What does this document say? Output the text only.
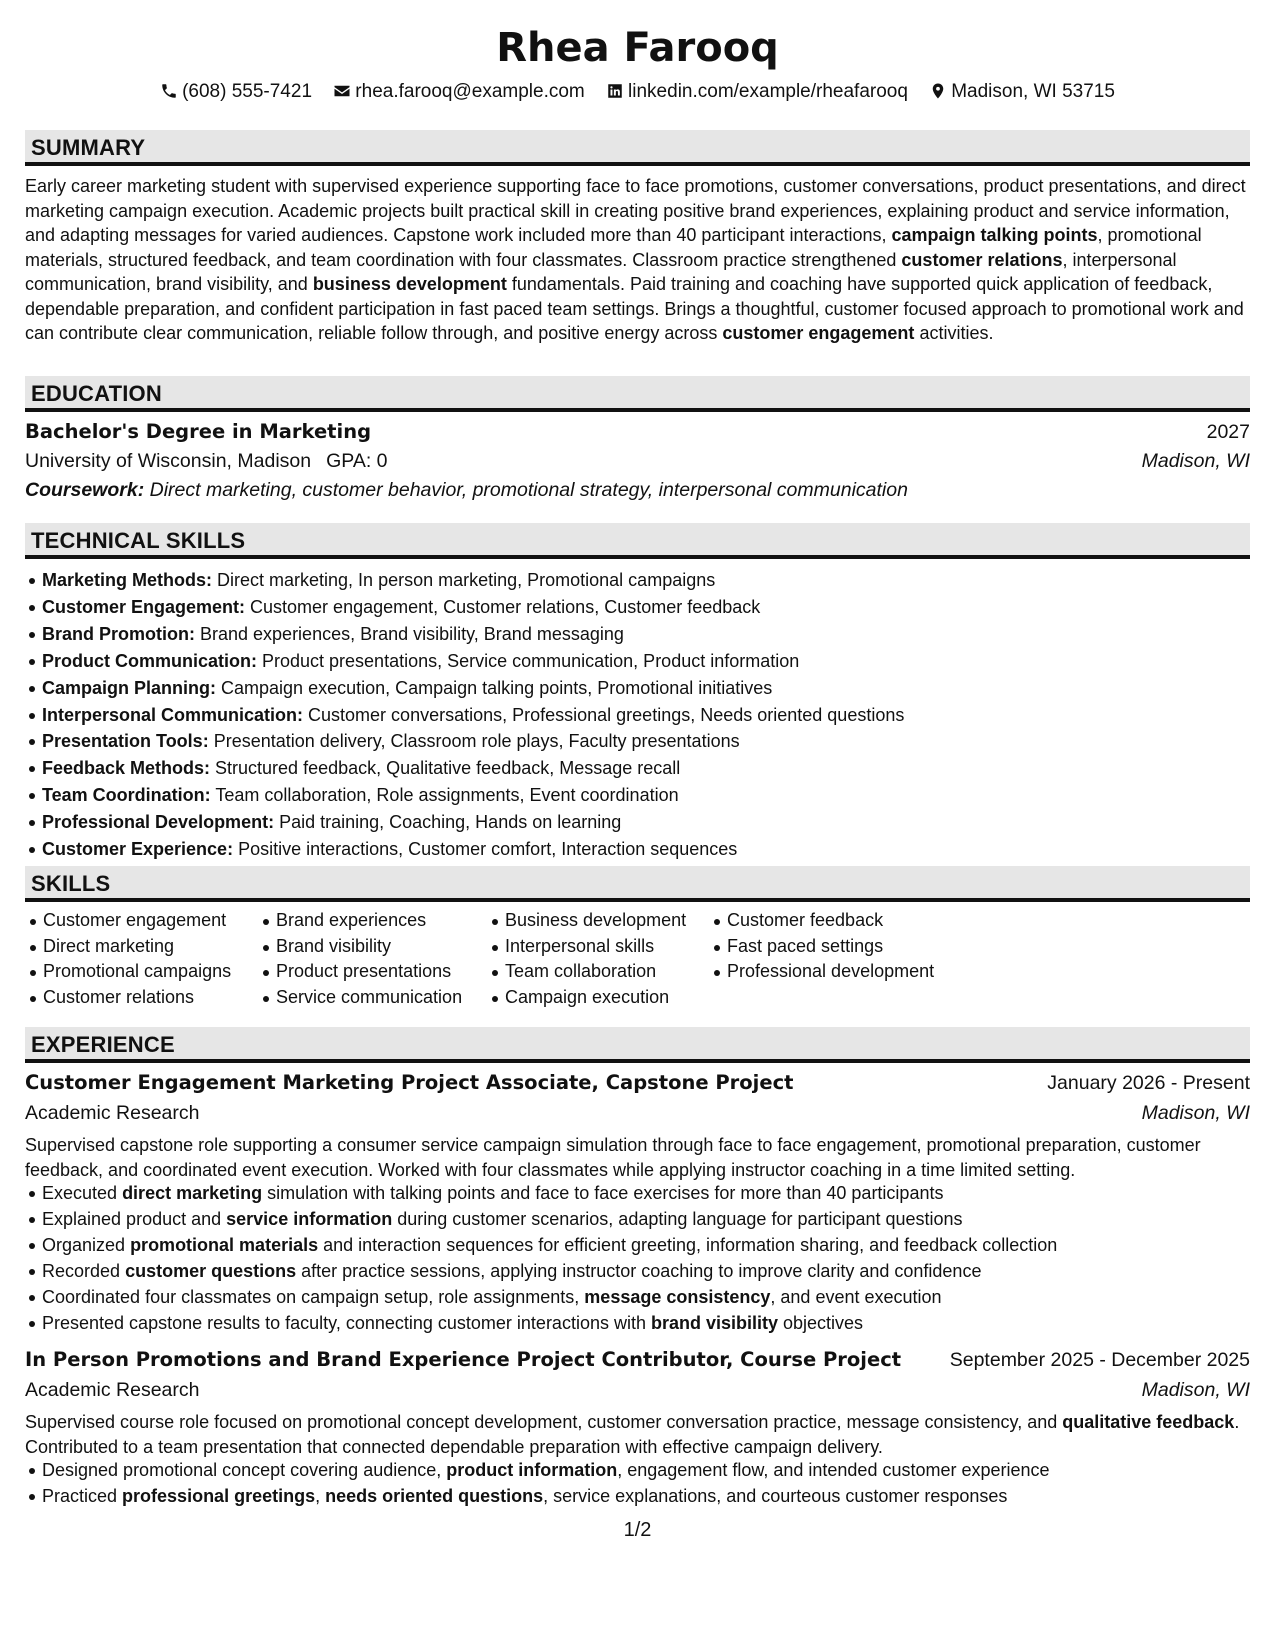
Rhea Farooq
(608) 555-7421 rhea.farooq@example.com linkedin.com/example/rheafarooq Madison, WI 53715
SUMMARY

Early career marketing student with supervised experience supporting face to face promotions, customer conversations, product presentations, and direct marketing campaign execution. Academic projects built practical skill in creating positive brand experiences, explaining product and service information, and adapting messages for varied audiences. Capstone work included more than 40 participant interactions, campaign talking points, promotional materials, structured feedback, and team coordination with four classmates. Classroom practice strengthened customer relations, interpersonal communication, brand visibility, and business development fundamentals. Paid training and coaching have supported quick application of feedback, dependable preparation, and confident participation in fast paced team settings. Brings a thoughtful, customer focused approach to promotional work and can contribute clear communication, reliable follow through, and positive energy across customer engagement activities.

EDUCATION
Bachelor's Degree in Marketing	2027
University of Wisconsin, Madison GPA: 0	Madison, WI
Coursework: Direct marketing, customer behavior, promotional strategy, interpersonal communication
TECHNICAL SKILLS
Marketing Methods: Direct marketing, In person marketing, Promotional campaigns
Customer Engagement: Customer engagement, Customer relations, Customer feedback
Brand Promotion: Brand experiences, Brand visibility, Brand messaging
Product Communication: Product presentations, Service communication, Product information
Campaign Planning: Campaign execution, Campaign talking points, Promotional initiatives
Interpersonal Communication: Customer conversations, Professional greetings, Needs oriented questions
Presentation Tools: Presentation delivery, Classroom role plays, Faculty presentations
Feedback Methods: Structured feedback, Qualitative feedback, Message recall
Team Coordination: Team collaboration, Role assignments, Event coordination
Professional Development: Paid training, Coaching, Hands on learning
Customer Experience: Positive interactions, Customer comfort, Interaction sequences
SKILLS
Customer engagement
Direct marketing
Promotional campaigns
Customer relations
Brand experiences
Brand visibility
Product presentations
Service communication
Business development
Interpersonal skills
Team collaboration
Campaign execution
Customer feedback
Fast paced settings
Professional development
EXPERIENCE
Customer Engagement Marketing Project Associate, Capstone Project	January 2026 - Present
Academic Research	Madison, WI

Supervised capstone role supporting a consumer service campaign simulation through face to face engagement, promotional preparation, customer feedback, and coordinated event execution. Worked with four classmates while applying instructor coaching in a time limited setting.

Executed direct marketing simulation with talking points and face to face exercises for more than 40 participants
Explained product and service information during customer scenarios, adapting language for participant questions
Organized promotional materials and interaction sequences for efficient greeting, information sharing, and feedback collection
Recorded customer questions after practice sessions, applying instructor coaching to improve clarity and confidence
Coordinated four classmates on campaign setup, role assignments, message consistency, and event execution
Presented capstone results to faculty, connecting customer interactions with brand visibility objectives
In Person Promotions and Brand Experience Project Contributor, Course Project September 2025 - December 2025
Academic Research	Madison, WI

Supervised course role focused on promotional concept development, customer conversation practice, message consistency, and qualitative feedback. Contributed to a team presentation that connected dependable preparation with effective campaign delivery.

Designed promotional concept covering audience, product information, engagement flow, and intended customer experience
Practiced professional greetings, needs oriented questions, service explanations, and courteous customer responses
1/2
